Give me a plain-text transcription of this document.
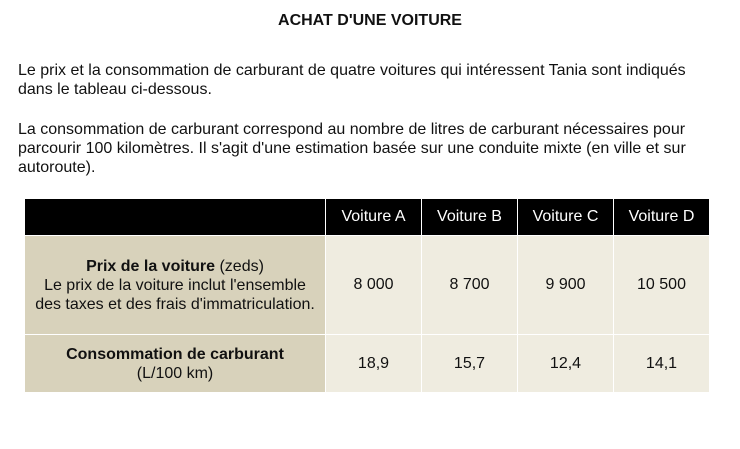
ACHAT D'UNE VOITURE
Le prix et la consommation de carburant de quatre voitures qui intéressent Tania sont indiqués dans le tableau ci-dessous.
La consommation de carburant correspond au nombre de litres de carburant nécessaires pour parcourir 100 kilomètres. Il s'agit d'une estimation basée sur une conduite mixte (en ville et sur autoroute).
	Voiture A	Voiture B	Voiture C	Voiture D
Prix de la voiture (zeds)
Le prix de la voiture inclut l'ensemble des taxes et des frais d'immatriculation.	8 000	8 700	9 900	10 500
Consommation de carburant
(L/100 km)	18,9	15,7	12,4	14,1
